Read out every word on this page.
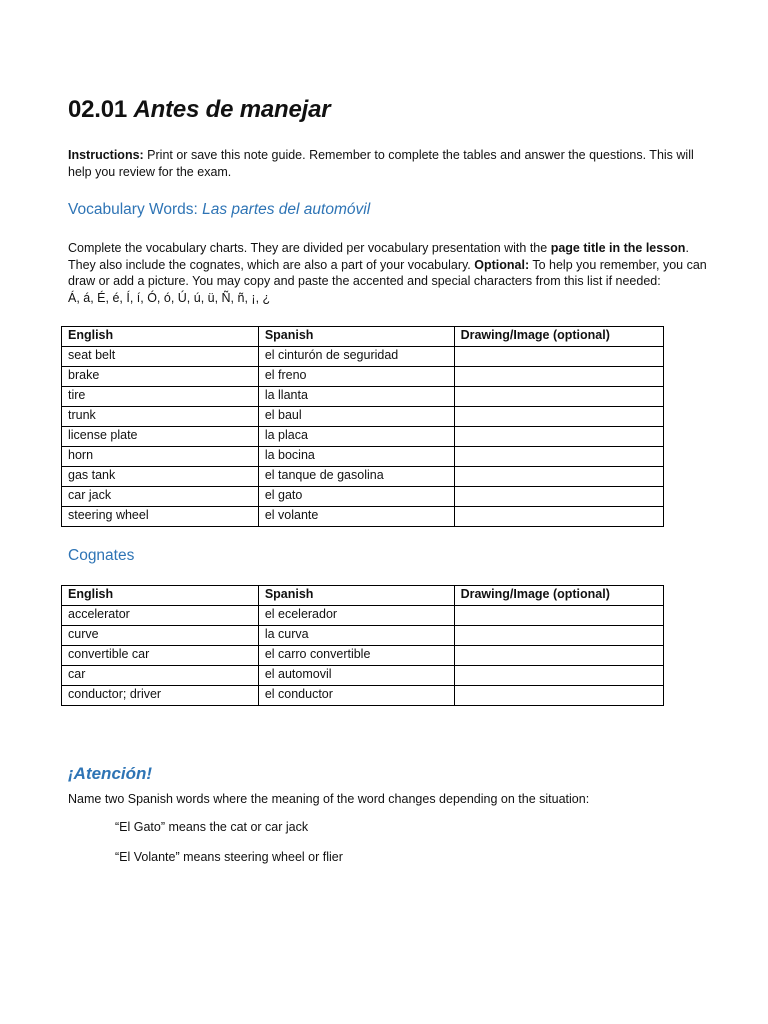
02.01 Antes de manejar

Instructions: Print or save this note guide. Remember to complete the tables and answer the questions. This will help you review for the exam.

Vocabulary Words: Las partes del automóvil

Complete the vocabulary charts. They are divided per vocabulary presentation with the page title in the lesson. They also include the cognates, which are also a part of your vocabulary. Optional: To help you remember, you can draw or add a picture. You may copy and paste the accented and special characters from this list if needed:
Á, á, É, é, Í, í, Ó, ó, Ú, ú, ü, Ñ, ñ, ¡, ¿

English	Spanish	Drawing/Image (optional)
seat belt	el cinturón de seguridad	
brake	el freno	
tire	la llanta	
trunk	el baul	
license plate	la placa	
horn	la bocina	
gas tank	el tanque de gasolina	
car jack	el gato	
steering wheel	el volante	
Cognates
English	Spanish	Drawing/Image (optional)
accelerator	el ecelerador	
curve	la curva	
convertible car	el carro convertible	
car	el automovil	
conductor; driver	el conductor	
¡Atención!

Name two Spanish words where the meaning of the word changes depending on the situation:

“El Gato” means the cat or car jack

“El Volante” means steering wheel or flier
